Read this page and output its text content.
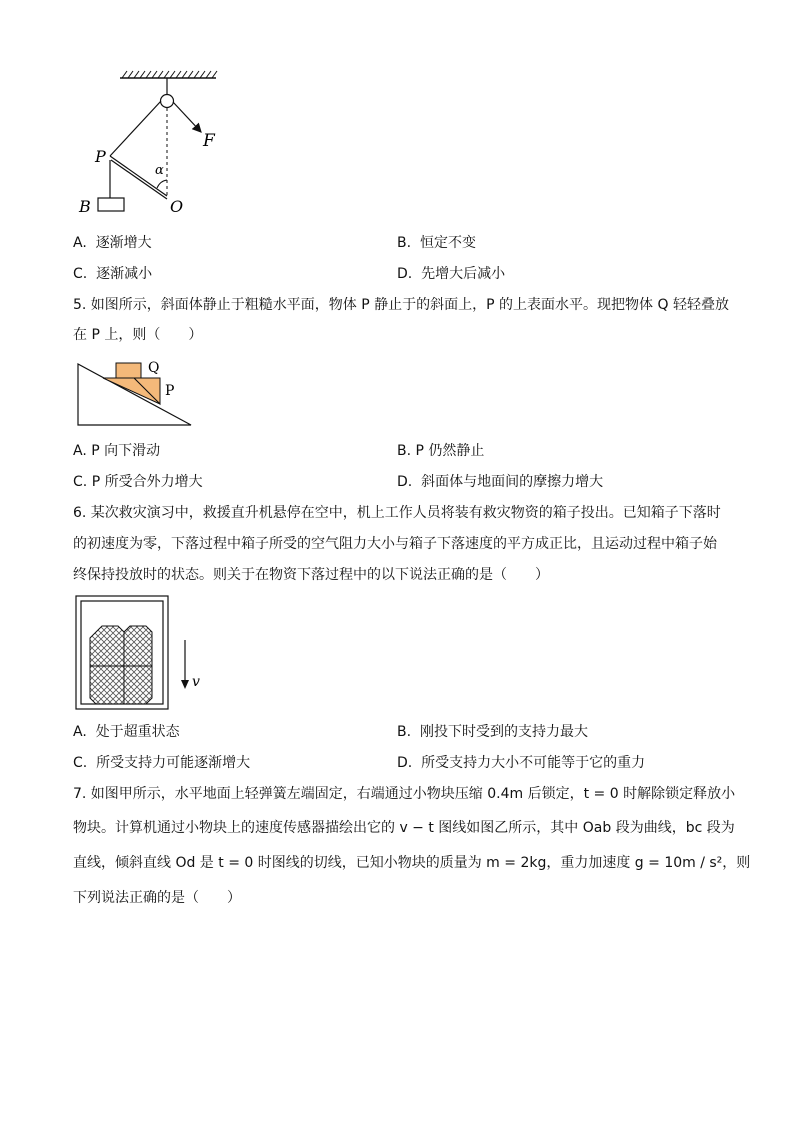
F
P
α
B	O
A. 逐渐增大	B. 恒定不变
C. 逐渐减小	D. 先增大后减小
5. 如图所示，斜面体静止于粗糙水平面，物体 P 静止于的斜面上，P 的上表面水平。现把物体 Q 轻轻叠放
在 P 上，则（　　）
Q
P
A. P 向下滑动	B. P 仍然静止
C. P 所受合外力增大	D. 斜面体与地面间的摩擦力增大
6. 某次救灾演习中，救援直升机悬停在空中，机上工作人员将装有救灾物资的箱子投出。已知箱子下落时
的初速度为零，下落过程中箱子所受的空气阻力大小与箱子下落速度的平方成正比，且运动过程中箱子始
终保持投放时的状态。则关于在物资下落过程中的以下说法正确的是（　　）
v
A. 处于超重状态	B. 刚投下时受到的支持力最大
C. 所受支持力可能逐渐增大	D. 所受支持力大小不可能等于它的重力
7. 如图甲所示，水平地面上轻弹簧左端固定，右端通过小物块压缩 0.4m 后锁定，t = 0 时解除锁定释放小
物块。计算机通过小物块上的速度传感器描绘出它的 v − t 图线如图乙所示，其中 Oab 段为曲线，bc 段为
直线，倾斜直线 Od 是 t = 0 时图线的切线，已知小物块的质量为 m = 2kg，重力加速度 g = 10m / s²，则
下列说法正确的是（　　）
